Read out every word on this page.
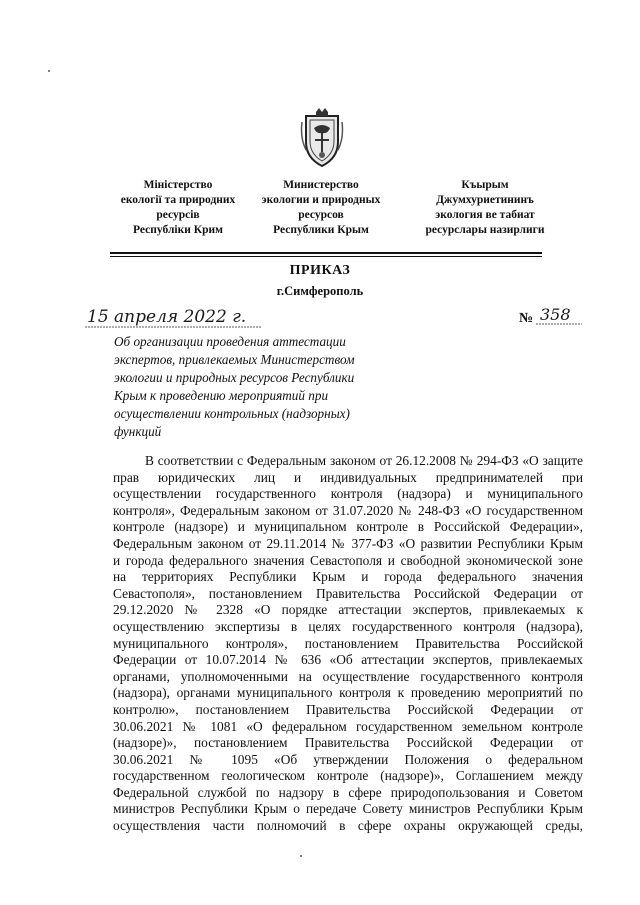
Міністерство
екології та природних
ресурсів
Республіки Крим
Министерство
экологии и природных
ресурсов
Республики Крым
Къырым
Джумхуриетининъ
экология ве табиат
ресурслары назирлиги
ПРИКАЗ
г.Симферополь
15 апреля 2022 г.	№ 358
Об организации проведения аттестации
экспертов, привлекаемых Министерством
экологии и природных ресурсов Республики
Крым к проведению мероприятий при
осуществлении контрольных (надзорных)
функций
В соответствии с Федеральным законом от 26.12.2008 № 294-ФЗ «О защите
прав юридических лиц и индивидуальных предпринимателей при
осуществлении государственного контроля (надзора) и муниципального
контроля», Федеральным законом от 31.07.2020 № 248-ФЗ «О государственном
контроле (надзоре) и муниципальном контроле в Российской Федерации»,
Федеральным законом от 29.11.2014 № 377-ФЗ «О развитии Республики Крым
и города федерального значения Севастополя и свободной экономической зоне
на территориях Республики Крым и города федерального значения
Севастополя», постановлением Правительства Российской Федерации от
29.12.2020 № 2328 «О порядке аттестации экспертов, привлекаемых к
осуществлению экспертизы в целях государственного контроля (надзора),
муниципального контроля», постановлением Правительства Российской
Федерации от 10.07.2014 № 636 «Об аттестации экспертов, привлекаемых
органами, уполномоченными на осуществление государственного контроля
(надзора), органами муниципального контроля к проведению мероприятий по
контролю», постановлением Правительства Российской Федерации от
30.06.2021 № 1081 «О федеральном государственном земельном контроле
(надзоре)», постановлением Правительства Российской Федерации от
30.06.2021 № 1095 «Об утверждении Положения о федеральном
государственном геологическом контроле (надзоре)», Соглашением между
Федеральной службой по надзору в сфере природопользования и Советом
министров Республики Крым о передаче Совету министров Республики Крым
осуществления части полномочий в сфере охраны окружающей среды,
